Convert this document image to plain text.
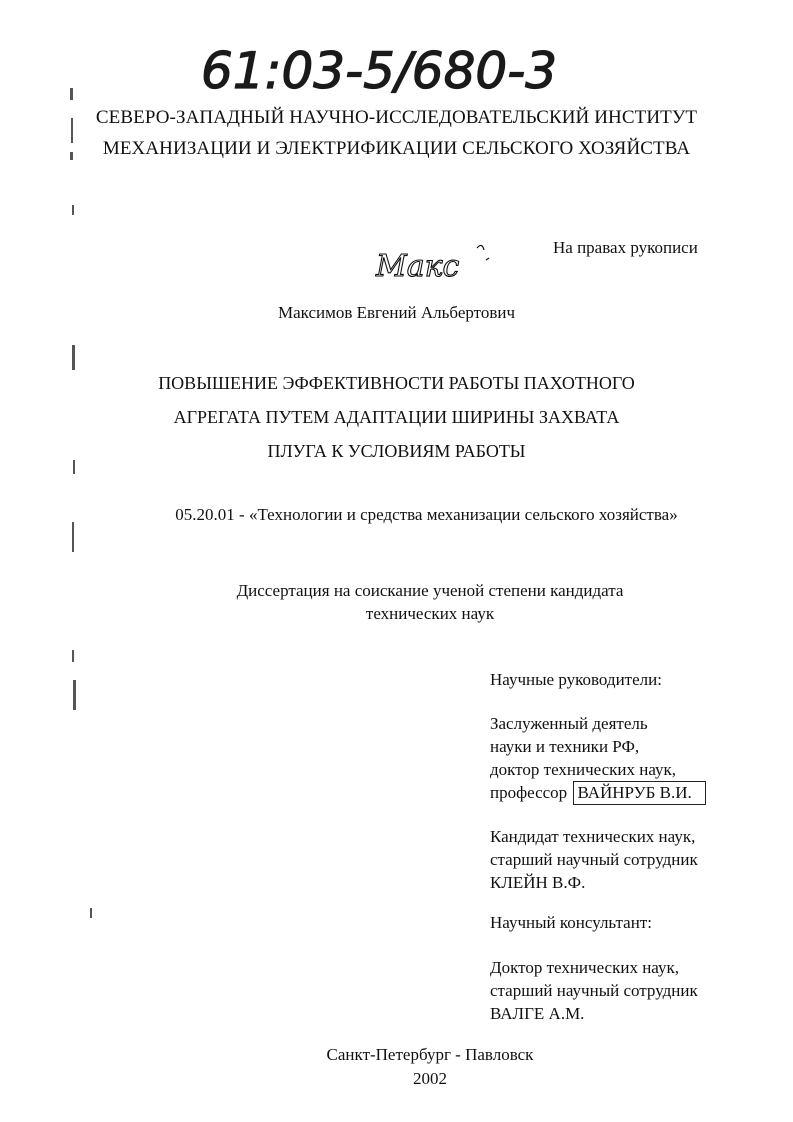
61:03-5/680-3
СЕВЕРО-ЗАПАДНЫЙ НАУЧНО-ИССЛЕДОВАТЕЛЬСКИЙ ИНСТИТУТ
МЕХАНИЗАЦИИ И ЭЛЕКТРИФИКАЦИИ СЕЛЬСКОГО ХОЗЯЙСТВА
На правах рукописи
Макс
Максимов Евгений Альбертович
ПОВЫШЕНИЕ ЭФФЕКТИВНОСТИ РАБОТЫ ПАХОТНОГО
АГРЕГАТА ПУТЕМ АДАПТАЦИИ ШИРИНЫ ЗАХВАТА
ПЛУГА К УСЛОВИЯМ РАБОТЫ
05.20.01 - «Технологии и средства механизации сельского хозяйства»
Диссертация на соискание ученой степени кандидата
технических наук
Научные руководители:
Заслуженный деятель
науки и техники РФ,
доктор технических наук,
профессор ВАЙНРУБ В.И.
Кандидат технических наук,
старший научный сотрудник
КЛЕЙН В.Ф.
Научный консультант:
Доктор технических наук,
старший научный сотрудник
ВАЛГЕ А.М.
Санкт-Петербург - Павловск
2002
